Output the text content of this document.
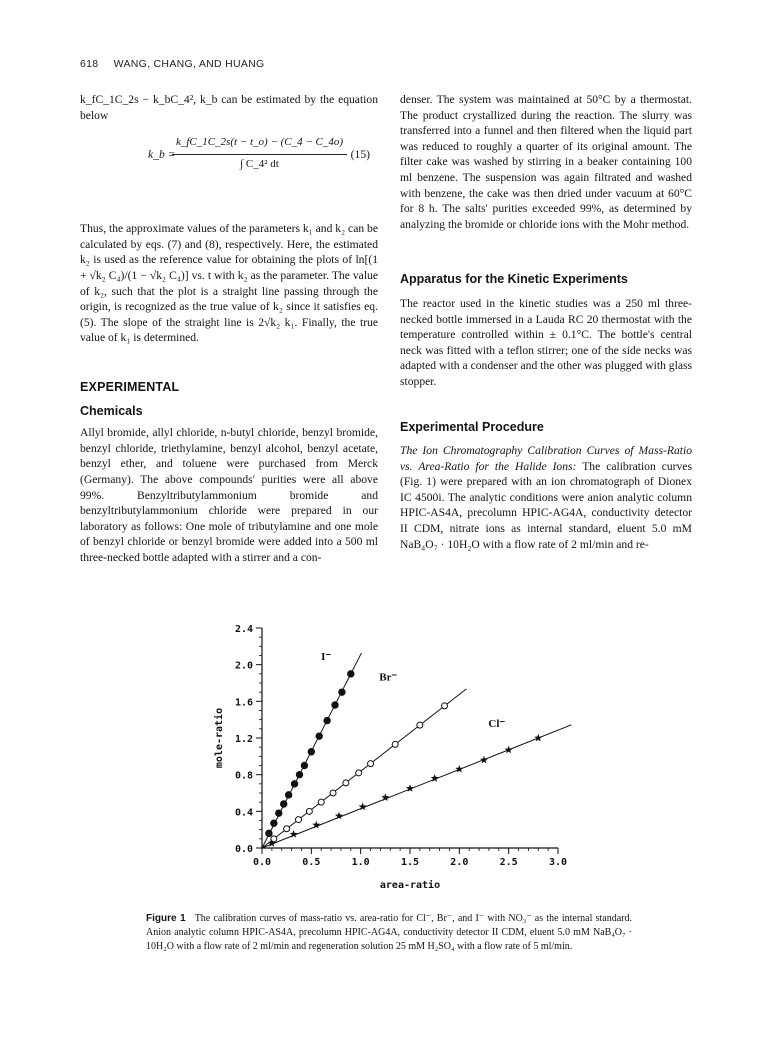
618 WANG, CHANG, AND HUANG

k_fC_1C_2s − k_bC_4², k_b can be estimated by the equation below

k_b =
$\frac{k\_fC\_1C\_2s(t - t\_o) - (C\_4 - C\_4o)}{\text{∫ C\_4² dt}} (15)$

Thus, the approximate values of the parameters k₁ and k₂ can be calculated by eqs. (7) and (8), respectively. Here, the estimated k₂ is used as the reference value for obtaining the plots of ln[(1 + √k₂ C₄)/(1 − √k₂ C₄)] vs. t with k₂ as the parameter. The value of k₂, such that the plot is a straight line passing through the origin, is recognized as the true value of k₂ since it satisfies eq. (5). The slope of the straight line is 2√k₂ k₁. Finally, the true value of k₁ is determined.

EXPERIMENTAL

Chemicals

Allyl bromide, allyl chloride, n-butyl chloride, benzyl bromide, benzyl chloride, triethylamine, benzyl alcohol, benzyl acetate, benzyl ether, and toluene were purchased from Merck (Germany). The above compounds' purities were all above 99%. Benzyltributylammonium bromide and benzyltributylammonium chloride were prepared in our laboratory as follows: One mole of tributylamine and one mole of benzyl chloride or benzyl bromide were added into a 500 ml three-necked bottle adapted with a stirrer and a con-

denser. The system was maintained at 50°C by a thermostat. The product crystallized during the reaction. The slurry was transferred into a funnel and then filtered when the liquid part was reduced to roughly a quarter of its original amount. The filter cake was washed by stirring in a beaker containing 100 ml benzene. The suspension was again filtrated and washed with benzene, the cake was then dried under vacuum at 60°C for 8 h. The salts' purities exceeded 99%, as determined by analyzing the bromide or chloride ions with the Mohr method.

Apparatus for the Kinetic Experiments

The reactor used in the kinetic studies was a 250 ml three-necked bottle immersed in a Lauda RC 20 thermostat with the temperature controlled within ± 0.1°C. The bottle's central neck was fitted with a teflon stirrer; one of the side necks was adapted with a condenser and the other was plugged with glass stopper.

Experimental Procedure

The Ion Chromatography Calibration Curves of Mass-Ratio vs. Area-Ratio for the Halide Ions: The calibration curves (Fig. 1) were prepared with an ion chromatograph of Dionex IC 4500i. The analytic conditions were anion analytic column HPIC-AS4A, precolumn HPIC-AG4A, conductivity detector II CDM, nitrate ions as internal standard, eluent 5.0 mM NaB₄O₇ · 10H₂O with a flow rate of 2 ml/min and re-

0.0	0.5	1.0	1.5	2.0	2.5	3.0
0.0
0.4
0.8
1.2
1.6
2.0
2.4
area-ratio
mole-ratio
I⁻
Br⁻
Cl⁻
Figure 1 The calibration curves of mass-ratio vs. area-ratio for Cl⁻, Br⁻, and I⁻ with NO₃⁻ as the internal standard. Anion analytic column HPIC-AS4A, precolumn HPIC-AG4A, conductivity detector II CDM, eluent 5.0 mM NaB₄O₇ · 10H₂O with a flow rate of 2 ml/min and regeneration solution 25 mM H₂SO₄ with a flow rate of 5 ml/min.
